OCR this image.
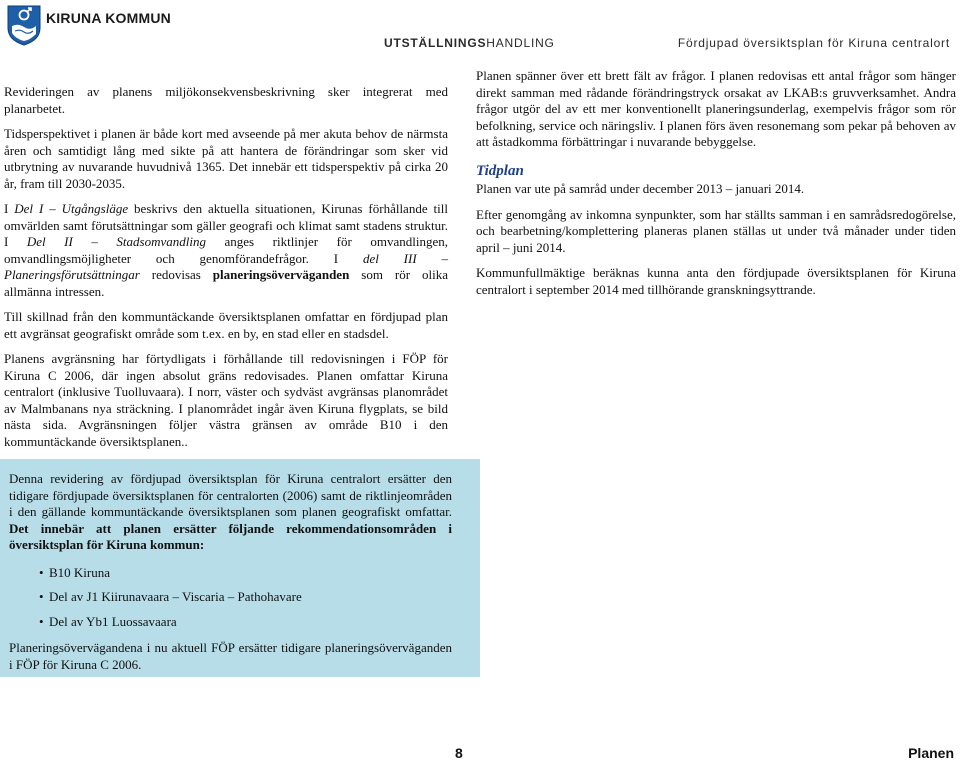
KIRUNA KOMMUN
UTSTÄLLNINGSHANDLING	Fördjupad översiktsplan för Kiruna centralort

Revideringen av planens miljökonsekvensbeskrivning sker integrerat med planarbetet.

Tidsperspektivet i planen är både kort med avseende på mer akuta behov de närmsta åren och samtidigt lång med sikte på att hantera de förändringar som sker vid utbrytning av nuvarande huvudnivå 1365. Det innebär ett tidsperspektiv på cirka 20 år, fram till 2030-2035.

I Del I – Utgångsläge beskrivs den aktuella situationen, Kirunas förhållande till omvärlden samt förutsättningar som gäller geografi och klimat samt stadens struktur. I Del II – Stadsomvandling anges riktlinjer för omvandlingen, omvandlingsmöjligheter och genomförandefrågor. I del III – Planeringsförutsättningar redovisas planeringsöverväganden som rör olika allmänna intressen.

Till skillnad från den kommuntäckande översiktsplanen omfattar en fördjupad plan ett avgränsat geografiskt område som t.ex. en by, en stad eller en stadsdel.

Planens avgränsning har förtydligats i förhållande till redovisningen i FÖP för Kiruna C 2006, där ingen absolut gräns redovisades. Planen omfattar Kiruna centralort (inklusive Tuolluvaara). I norr, väster och sydväst avgränsas planområdet av Malmbanans nya sträckning. I planområdet ingår även Kiruna flygplats, se bild nästa sida. Avgränsningen följer västra gränsen av område B10 i den kommuntäckande översiktsplanen..

Planen spänner över ett brett fält av frågor. I planen redovisas ett antal frågor som hänger direkt samman med rådande förändringstryck orsakat av LKAB:s gruvverksamhet. Andra frågor utgör del av ett mer konventionellt planeringsunderlag, exempelvis frågor som rör befolkning, service och näringsliv. I planen förs även resonemang som pekar på behoven av att åstadkomma förbättringar i nuvarande bebyggelse.

Tidplan

Planen var ute på samråd under december 2013 – januari 2014.

Efter genomgång av inkomna synpunkter, som har ställts samman i en samrådsredogörelse, och bearbetning/komplettering planeras planen ställas ut under två månader under tiden april – juni 2014.

Kommunfullmäktige beräknas kunna anta den fördjupade översiktsplanen för Kiruna centralort i september 2014 med tillhörande granskningsyttrande.

Denna revidering av fördjupad översiktsplan för Kiruna centralort ersätter den tidigare fördjupade översiktsplanen för centralorten (2006) samt de riktlinjeområden i den gällande kommuntäckande översiktsplanen som planen geografiskt omfattar. Det innebär att planen ersätter följande rekommendationsområden i översiktsplan för Kiruna kommun:

• B10 Kiruna
• Del av J1 Kiirunavaara – Viscaria – Pathohavare
• Del av Yb1 Luossavaara

Planeringsövervägandena i nu aktuell FÖP ersätter tidigare planeringsöverväganden i FÖP för Kiruna C 2006.

8	Planen
